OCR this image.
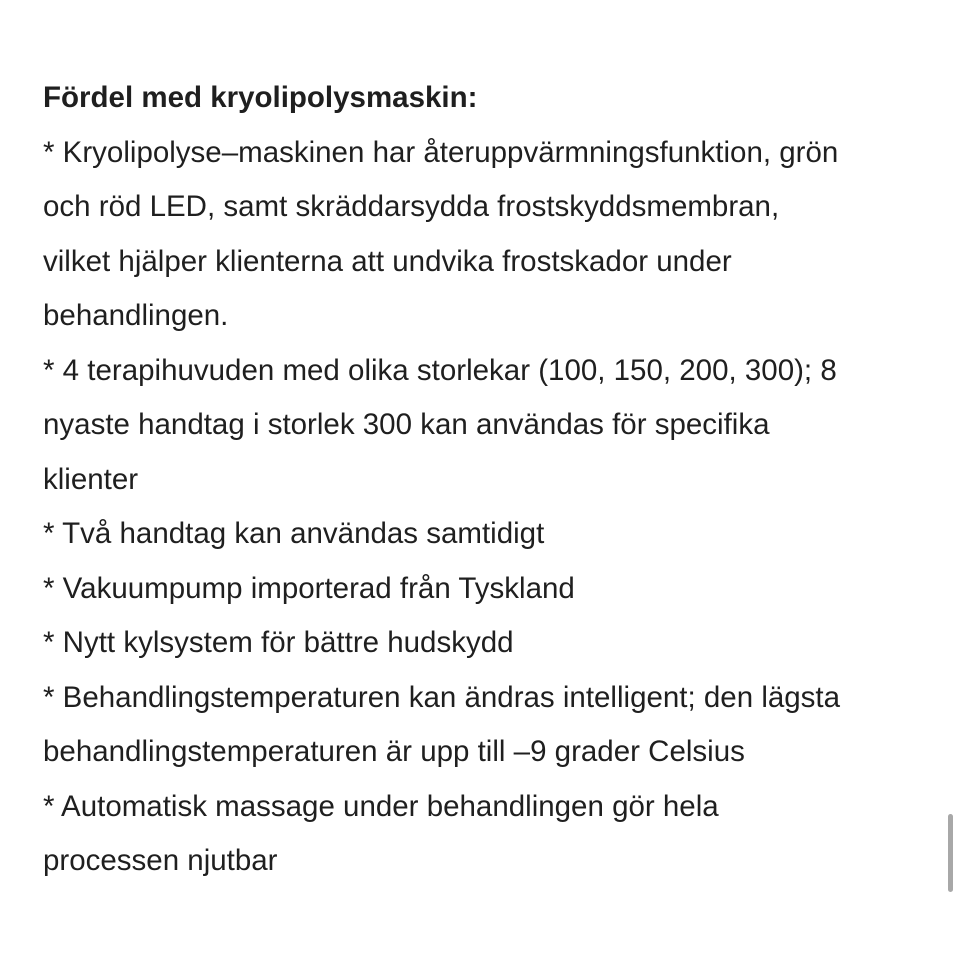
Fördel med kryolipolysmaskin:

* Kryolipolyse–maskinen har återuppvärmningsfunktion, grön

och röd LED, samt skräddarsydda frostskyddsmembran,

vilket hjälper klienterna att undvika frostskador under

behandlingen.

* 4 terapihuvuden med olika storlekar (100, 150, 200, 300); 8

nyaste handtag i storlek 300 kan användas för specifika

klienter

* Två handtag kan användas samtidigt

* Vakuumpump importerad från Tyskland

* Nytt kylsystem för bättre hudskydd

* Behandlingstemperaturen kan ändras intelligent; den lägsta

behandlingstemperaturen är upp till –9 grader Celsius

* Automatisk massage under behandlingen gör hela

processen njutbar
